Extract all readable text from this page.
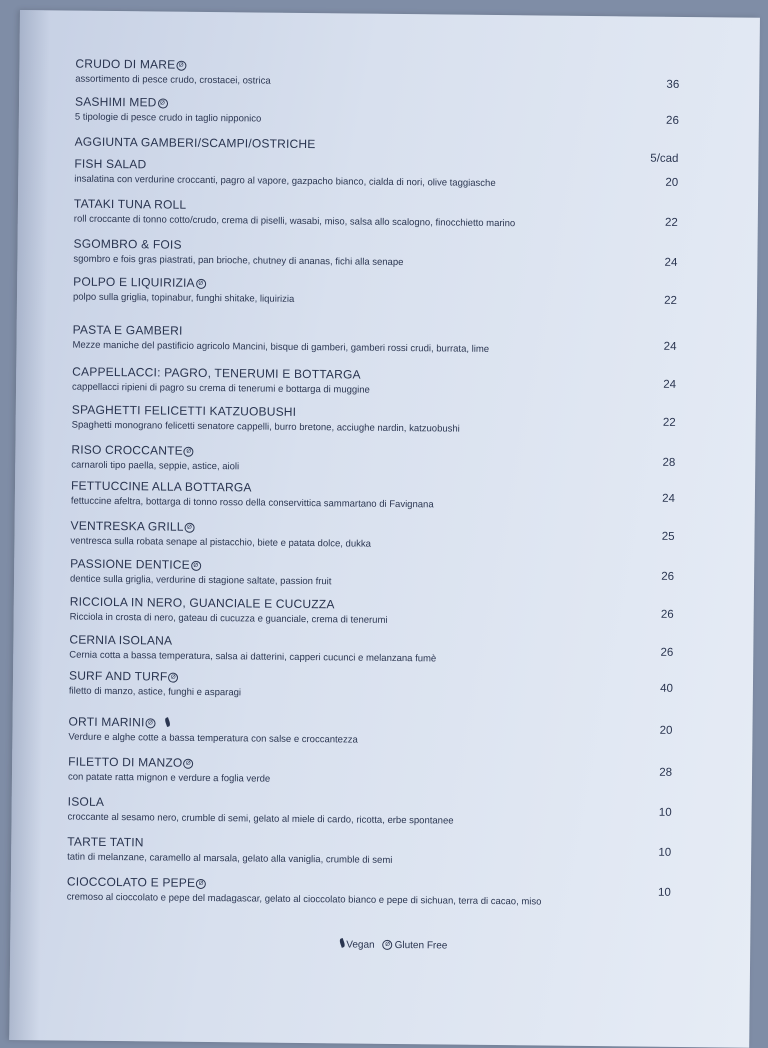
CRUDO DI MARE Ø
assortimento di pesce crudo, crostacei, ostrica	36
SASHIMI MED Ø
5 tipologie di pesce crudo in taglio nipponico	26
AGGIUNTA GAMBERI/SCAMPI/OSTRICHE
5/cad
FISH SALAD
insalatina con verdurine croccanti, pagro al vapore, gazpacho bianco, cialda di nori, olive taggiasche	20
TATAKI TUNA ROLL
roll croccante di tonno cotto/crudo, crema di piselli, wasabi, miso, salsa allo scalogno, finocchietto marino	22
SGOMBRO & FOIS
sgombro e fois gras piastrati, pan brioche, chutney di ananas, fichi alla senape	24
POLPO E LIQUIRIZIA Ø
polpo sulla griglia, topinabur, funghi shitake, liquirizia	22
PASTA E GAMBERI
Mezze maniche del pastificio agricolo Mancini, bisque di gamberi, gamberi rossi crudi, burrata, lime	24
CAPPELLACCI: PAGRO, TENERUMI E BOTTARGA
cappellacci ripieni di pagro su crema di tenerumi e bottarga di muggine	24
SPAGHETTI FELICETTI KATZUOBUSHI
Spaghetti monograno felicetti senatore cappelli, burro bretone, acciughe nardin, katzuobushi	22
RISO CROCCANTE Ø
carnaroli tipo paella, seppie, astice, aioli	28
FETTUCCINE ALLA BOTTARGA
fettuccine afeltra, bottarga di tonno rosso della conservittica sammartano di Favignana	24
VENTRESKA GRILL Ø
ventresca sulla robata senape al pistacchio, biete e patata dolce, dukka	25
PASSIONE DENTICE Ø
dentice sulla griglia, verdurine di stagione saltate, passion fruit	26
RICCIOLA IN NERO, GUANCIALE E CUCUZZA
Ricciola in crosta di nero, gateau di cucuzza e guanciale, crema di tenerumi	26
CERNIA ISOLANA
Cernia cotta a bassa temperatura, salsa ai datterini, capperi cucunci e melanzana fumè	26
SURF AND TURF Ø
filetto di manzo, astice, funghi e asparagi	40
ORTI MARINI Ø
Verdure e alghe cotte a bassa temperatura con salse e croccantezza
20
FILETTO DI MANZO Ø
con patate ratta mignon e verdure a foglia verde	28
ISOLA
croccante al sesamo nero, crumble di semi, gelato al miele di cardo, ricotta, erbe spontanee	10
TARTE TATIN
tatin di melanzane, caramello al marsala, gelato alla vaniglia, crumble di semi	10
CIOCCOLATO E PEPE Ø
cremoso al cioccolato e pepe del madagascar, gelato al cioccolato bianco e pepe di sichuan, terra di cacao, miso	10
Vegan Ø Gluten Free
